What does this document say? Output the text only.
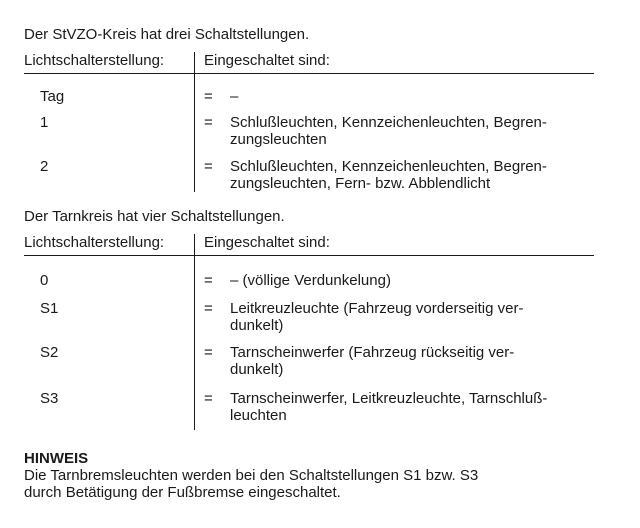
Der StVZO-Kreis hat drei Schaltstellungen.
Lichtschalterstellung:	Eingeschaltet sind:
Tag	= –
1	= Schlußleuchten, Kennzeichenleuchten, Begren-
zungsleuchten
2	= Schlußleuchten, Kennzeichenleuchten, Begren-
zungsleuchten, Fern- bzw. Abblendlicht
Der Tarnkreis hat vier Schaltstellungen.
Lichtschalterstellung:	Eingeschaltet sind:
0	= – (völlige Verdunkelung)
S1	= Leitkreuzleuchte (Fahrzeug vorderseitig ver-
dunkelt)
S2	= Tarnscheinwerfer (Fahrzeug rückseitig ver-
dunkelt)
S3	= Tarnscheinwerfer, Leitkreuzleuchte, Tarnschluß-
leuchten
HINWEIS
Die Tarnbremsleuchten werden bei den Schaltstellungen S1 bzw. S3
durch Betätigung der Fußbremse eingeschaltet.
